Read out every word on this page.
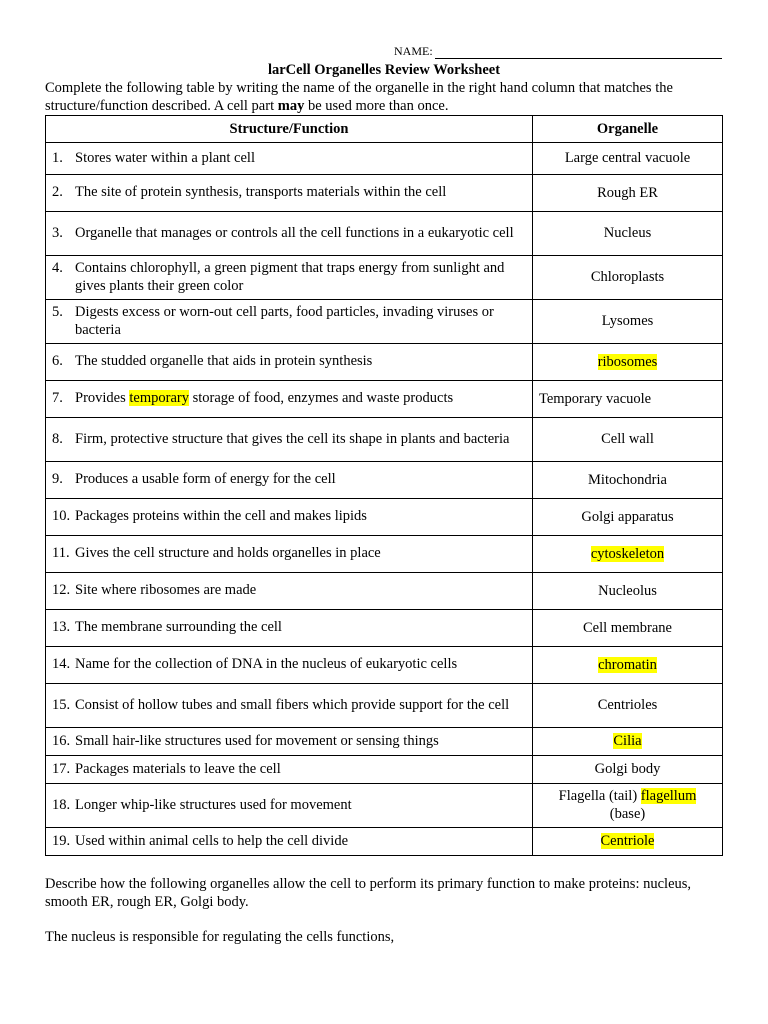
NAME:
larCell Organelles Review Worksheet
Complete the following table by writing the name of the organelle in the right hand column that matches the structure/function described. A cell part may be used more than once.
Structure/Function	Organelle

1. Stores water within a plant cell	Large central vacuole

2. The site of protein synthesis, transports materials within the cell	Rough ER

3. Organelle that manages or controls all the cell functions in a eukaryotic cell	Nucleus

4. Contains chlorophyll, a green pigment that traps energy from sunlight and gives plants their green color	Chloroplasts

5. Digests excess or worn-out cell parts, food particles, invading viruses or bacteria	Lysomes

6. The studded organelle that aids in protein synthesis	ribosomes

7. Provides temporary storage of food, enzymes and waste products	Temporary vacuole

8. Firm, protective structure that gives the cell its shape in plants and bacteria	Cell wall

9. Produces a usable form of energy for the cell	Mitochondria

10. Packages proteins within the cell and makes lipids	Golgi apparatus

11. Gives the cell structure and holds organelles in place	cytoskeleton

12. Site where ribosomes are made	Nucleolus

13. The membrane surrounding the cell	Cell membrane

14. Name for the collection of DNA in the nucleus of eukaryotic cells	chromatin

15. Consist of hollow tubes and small fibers which provide support for the cell	Centrioles

16. Small hair-like structures used for movement or sensing things	Cilia

17. Packages materials to leave the cell	Golgi body

18. Longer whip-like structures used for movement	Flagella (tail) flagellum
(base)

19. Used within animal cells to help the cell divide	Centriole
Describe how the following organelles allow the cell to perform its primary function to make proteins: nucleus, smooth ER, rough ER, Golgi body.
The nucleus is responsible for regulating the cells functions,
